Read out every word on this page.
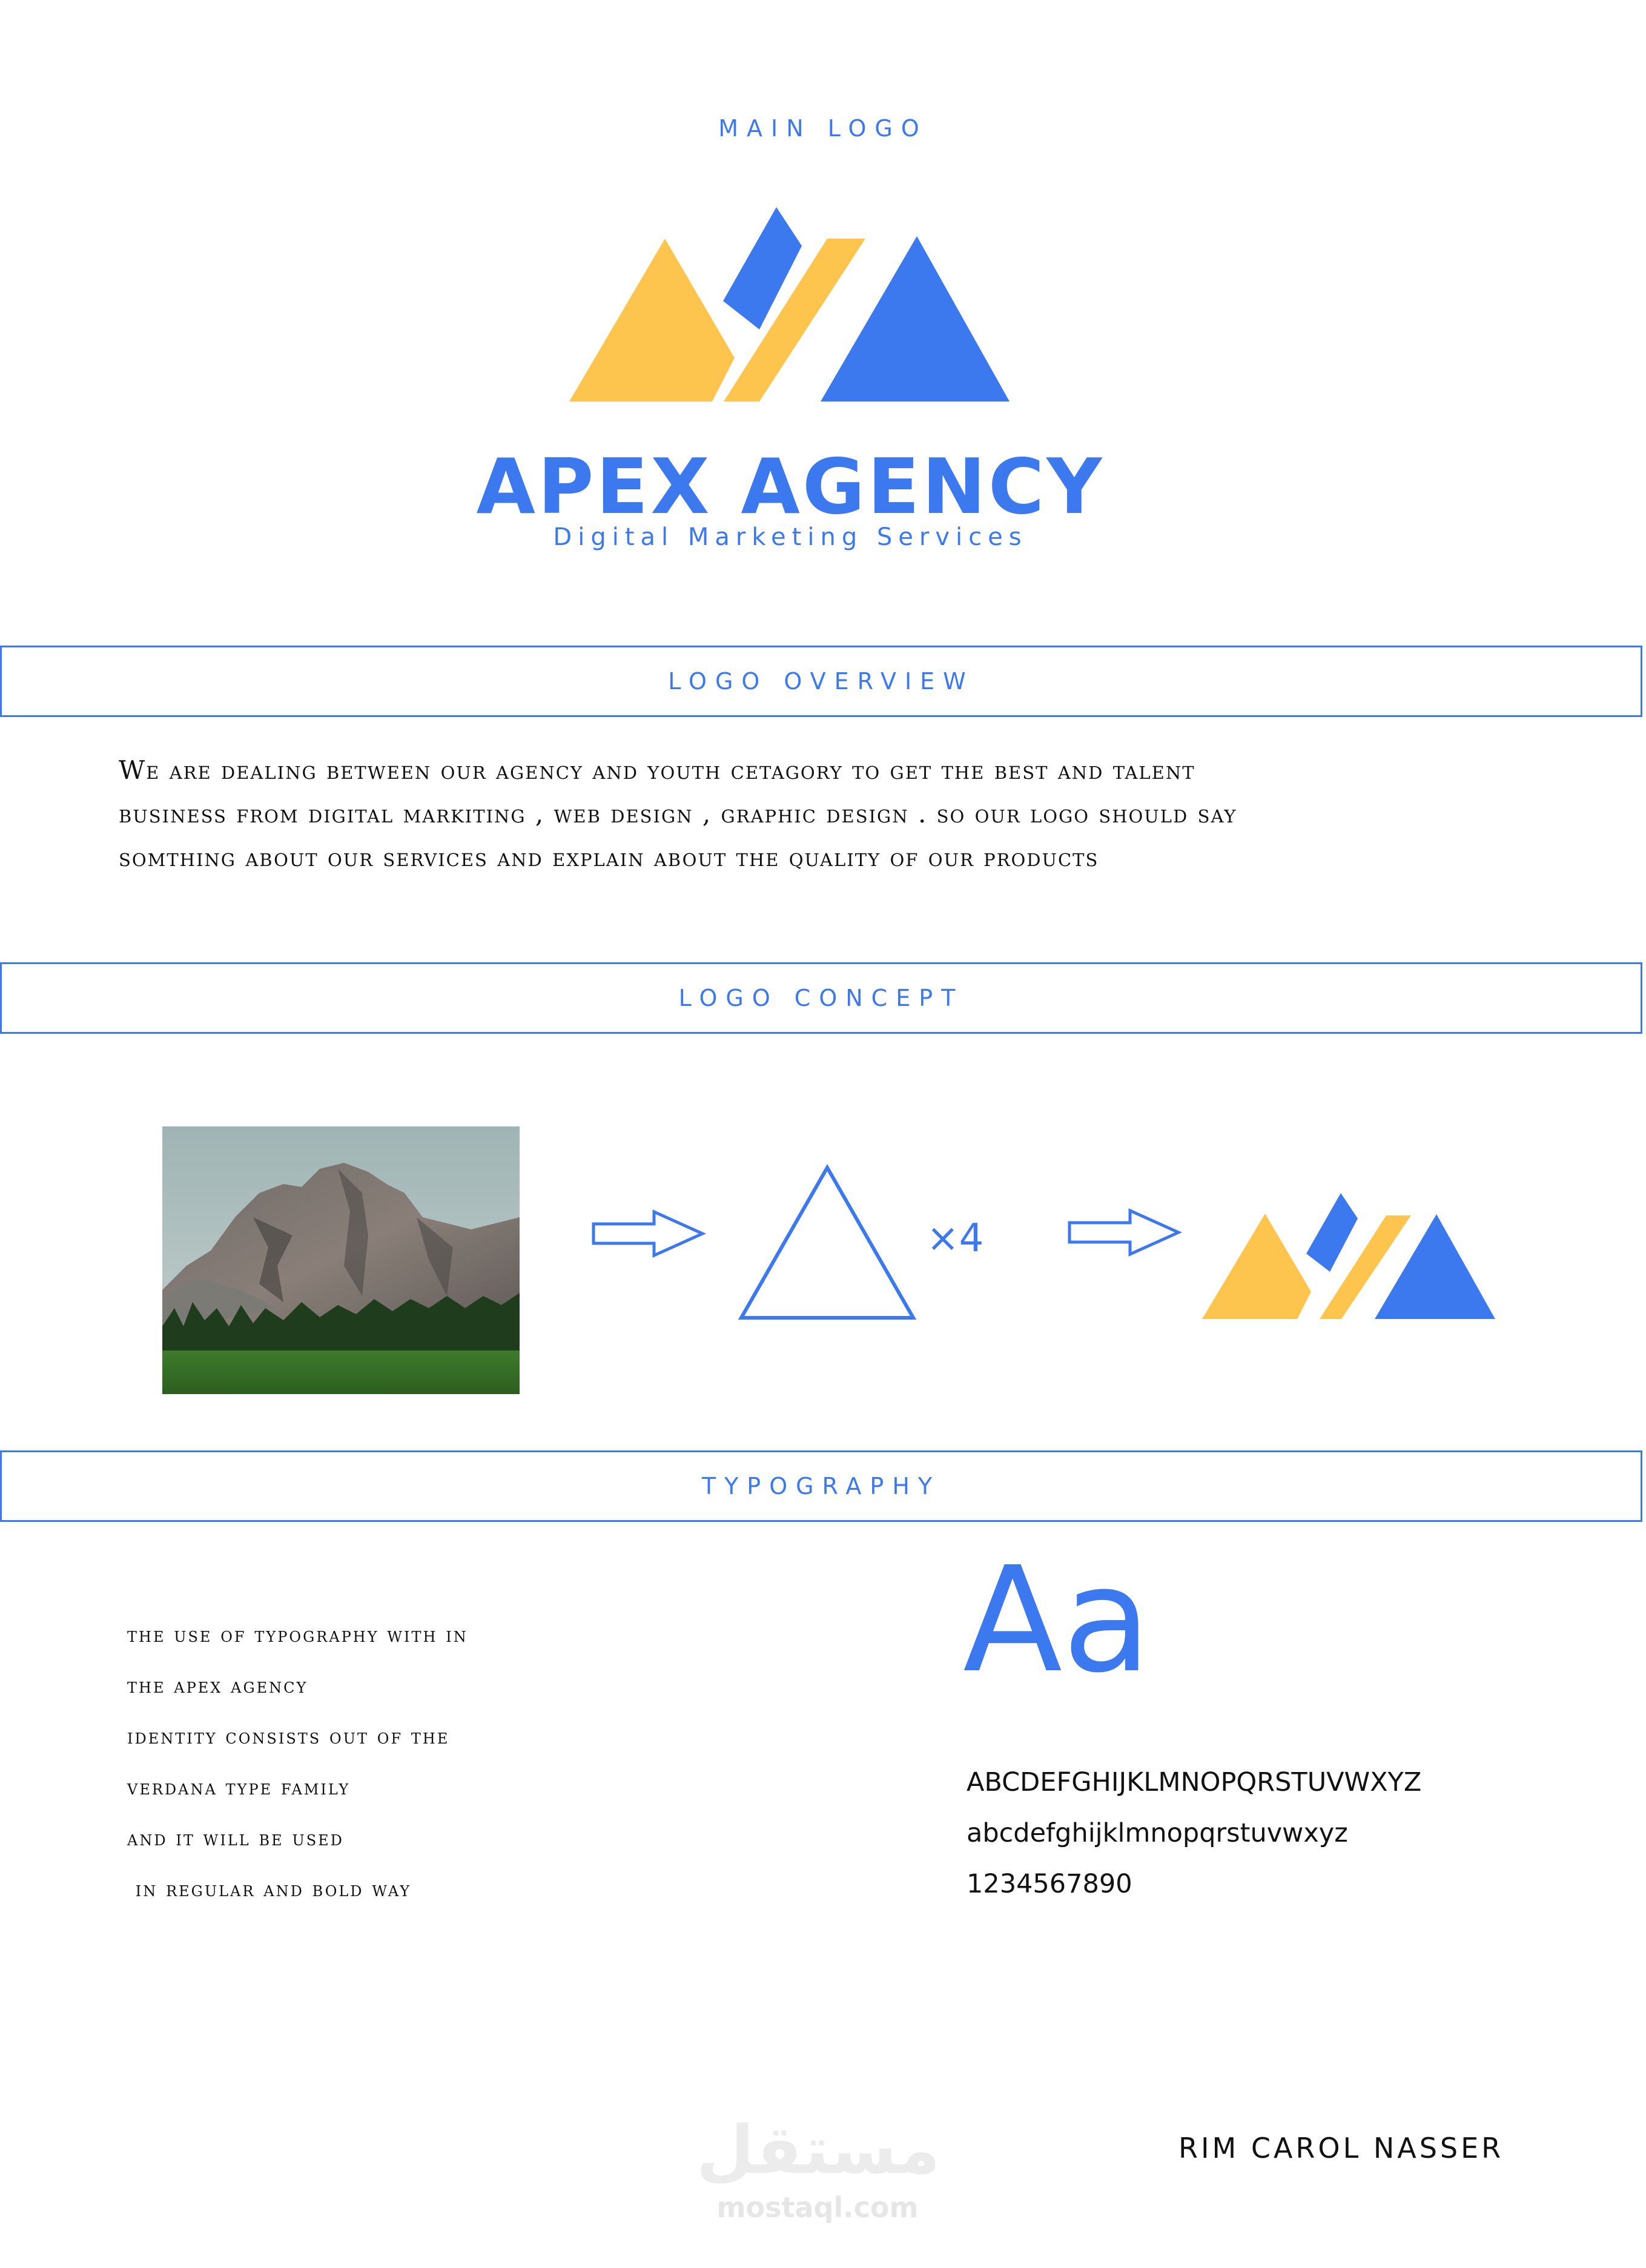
MAIN LOGO
APEX AGENCY
Digital Marketing Services
LOGO OVERVIEW
We are dealing between our agency and youth cetagory to get the best and talent
business from digital markiting , web design , graphic design . so our logo should say
somthing about our services and explain about the quality of our products
LOGO CONCEPT
×4
TYPOGRAPHY
the use of typography with in
the apex agency
identity consists out of the
verdana type family
and it will be used
in regular and bold way
Aa
ABCDEFGHIJKLMNOPQRSTUVWXYZ
abcdefghijklmnopqrstuvwxyz
1234567890
مستقل
mostaql.com
RIM CAROL NASSER
